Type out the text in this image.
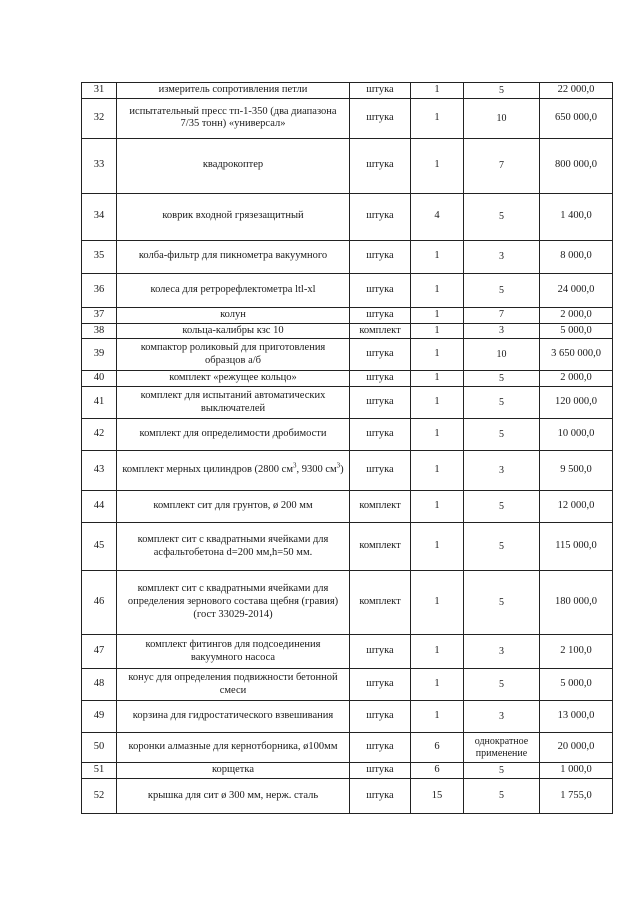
31	измеритель сопротивления петли	штука	1	5	22 000,0
32	испытательный пресс тп-1-350 (два диапазона 7/35 тонн) «универсал»	штука	1	10	650 000,0
33	квадрокоптер	штука	1	7	800 000,0
34	коврик входной грязезащитный	штука	4	5	1 400,0
35	колба-фильтр для пикнометра вакуумного	штука	1	3	8 000,0
36	колеса для ретрорефлектометра ltl-xl	штука	1	5	24 000,0
37	колун	штука	1	7	2 000,0
38	кольца-калибры кзс 10	комплект	1	3	5 000,0
39	компактор роликовый для приготовления образцов а/б	штука	1	10	3 650 000,0
40	комплект «режущее кольцо»	штука	1	5	2 000,0
41	комплект для испытаний автоматических выключателей	штука	1	5	120 000,0
42	комплект для определимости дробимости	штука	1	5	10 000,0
43	комплект мерных цилиндров (2800 $см^3$, 9300 $см^3$)	штука	1	3	9 500,0
44	комплект сит для грунтов, ø 200 мм	комплект	1	5	12 000,0
45	комплект сит с квадратными ячейками для асфальтобетона d=200 мм,h=50 мм.	комплект	1	5	115 000,0
46	комплект сит с квадратными ячейками для определения зернового состава щебня (гравия) (гост 33029-2014)	комплект	1	5	180 000,0
47	комплект фитингов для подсоединения вакуумного насоса	штука	1	3	2 100,0
48	конус для определения подвижности бетонной смеси	штука	1	5	5 000,0
49	корзина для гидростатического взвешивания	штука	1	3	13 000,0
50	коронки алмазные для кернотборника, ø100мм	штука	6	однократное применение	20 000,0
51	корщетка	штука	6	5	1 000,0
52	крышка для сит ø 300 мм, нерж. сталь	штука	15	5	1 755,0
